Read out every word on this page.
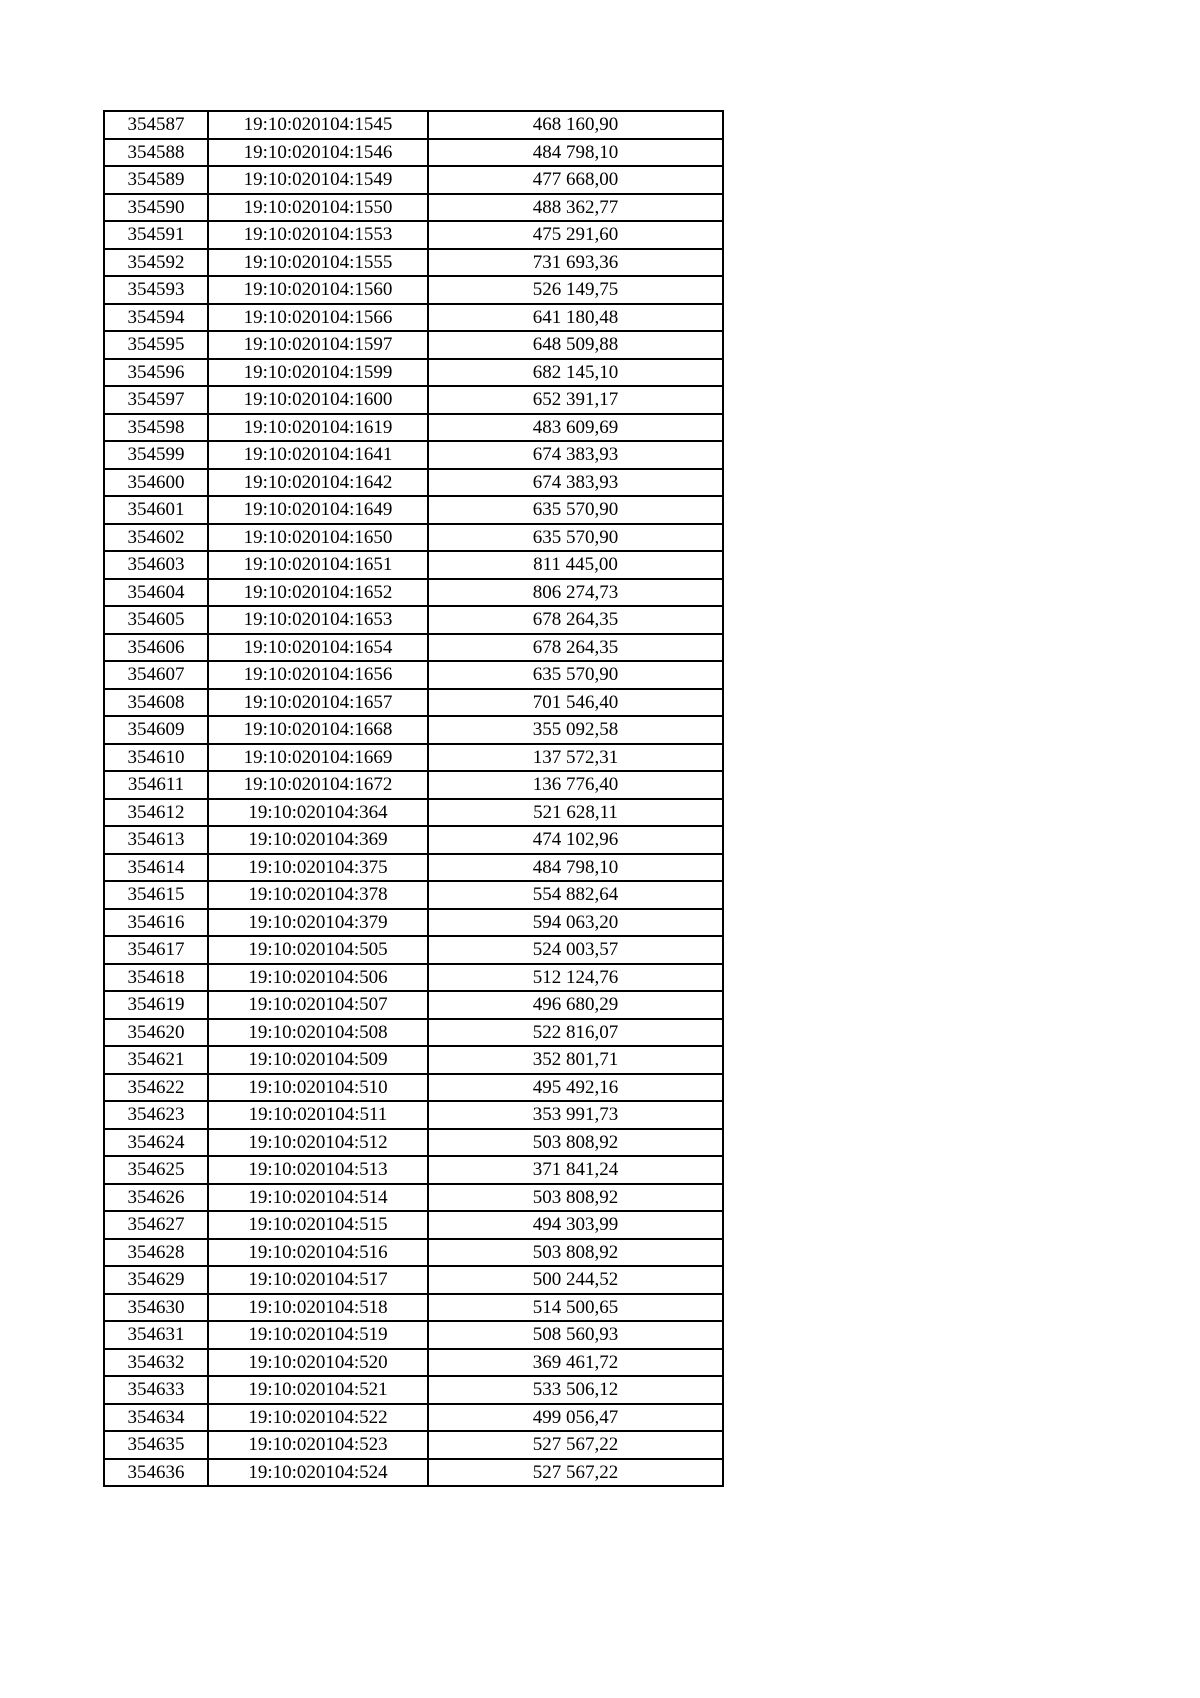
354587	19:10:020104:1545	468 160,90
354588	19:10:020104:1546	484 798,10
354589	19:10:020104:1549	477 668,00
354590	19:10:020104:1550	488 362,77
354591	19:10:020104:1553	475 291,60
354592	19:10:020104:1555	731 693,36
354593	19:10:020104:1560	526 149,75
354594	19:10:020104:1566	641 180,48
354595	19:10:020104:1597	648 509,88
354596	19:10:020104:1599	682 145,10
354597	19:10:020104:1600	652 391,17
354598	19:10:020104:1619	483 609,69
354599	19:10:020104:1641	674 383,93
354600	19:10:020104:1642	674 383,93
354601	19:10:020104:1649	635 570,90
354602	19:10:020104:1650	635 570,90
354603	19:10:020104:1651	811 445,00
354604	19:10:020104:1652	806 274,73
354605	19:10:020104:1653	678 264,35
354606	19:10:020104:1654	678 264,35
354607	19:10:020104:1656	635 570,90
354608	19:10:020104:1657	701 546,40
354609	19:10:020104:1668	355 092,58
354610	19:10:020104:1669	137 572,31
354611	19:10:020104:1672	136 776,40
354612	19:10:020104:364	521 628,11
354613	19:10:020104:369	474 102,96
354614	19:10:020104:375	484 798,10
354615	19:10:020104:378	554 882,64
354616	19:10:020104:379	594 063,20
354617	19:10:020104:505	524 003,57
354618	19:10:020104:506	512 124,76
354619	19:10:020104:507	496 680,29
354620	19:10:020104:508	522 816,07
354621	19:10:020104:509	352 801,71
354622	19:10:020104:510	495 492,16
354623	19:10:020104:511	353 991,73
354624	19:10:020104:512	503 808,92
354625	19:10:020104:513	371 841,24
354626	19:10:020104:514	503 808,92
354627	19:10:020104:515	494 303,99
354628	19:10:020104:516	503 808,92
354629	19:10:020104:517	500 244,52
354630	19:10:020104:518	514 500,65
354631	19:10:020104:519	508 560,93
354632	19:10:020104:520	369 461,72
354633	19:10:020104:521	533 506,12
354634	19:10:020104:522	499 056,47
354635	19:10:020104:523	527 567,22
354636	19:10:020104:524	527 567,22
